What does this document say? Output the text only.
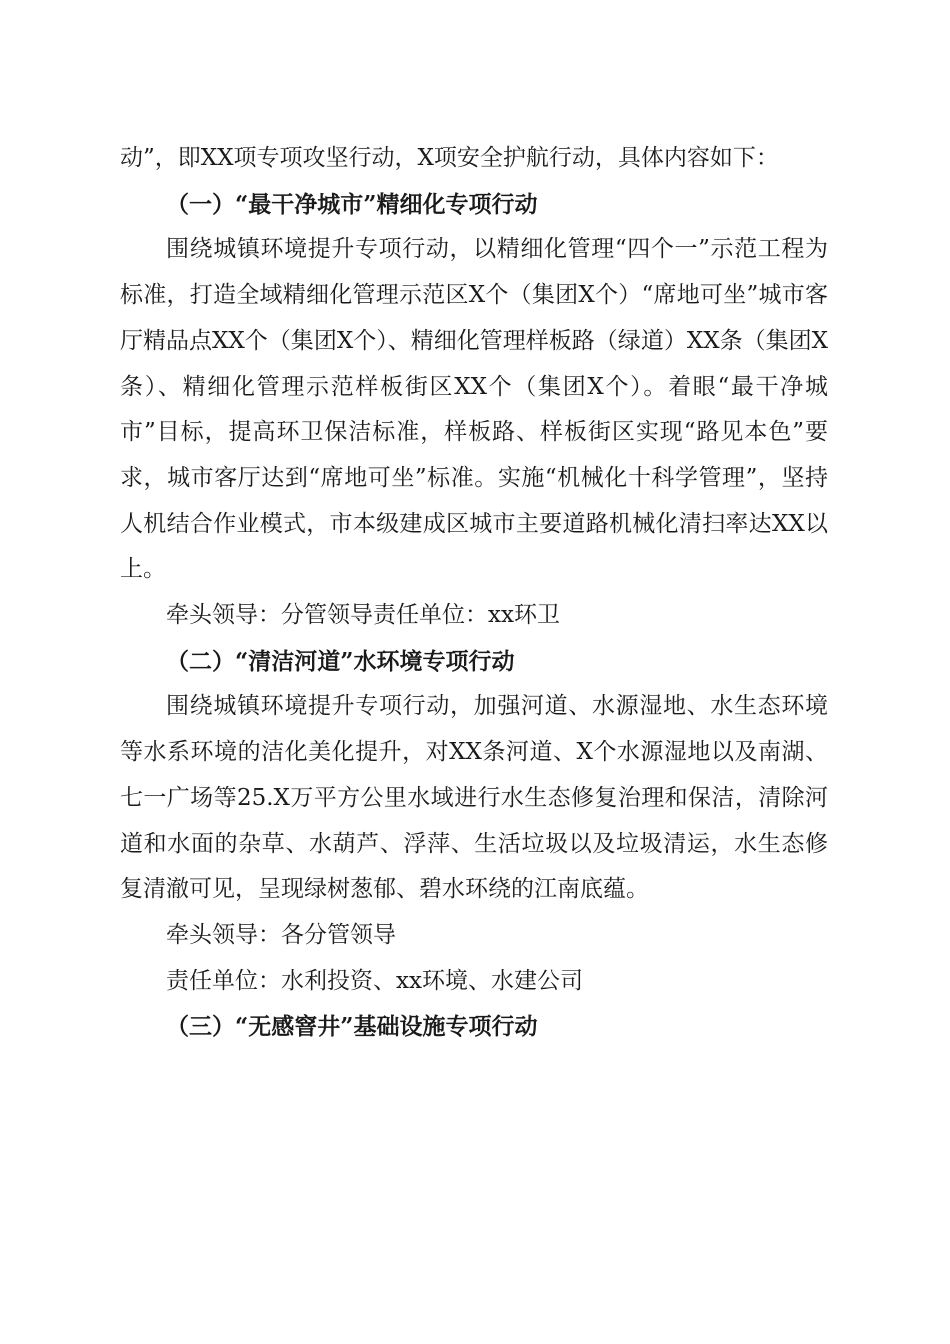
动”，即XX项专项攻坚行动，X项安全护航行动，具体内容如下：

（一）“最干净城市”精细化专项行动

围绕城镇环境提升专项行动，以精细化管理“四个一”示范工程为标准，打造全域精细化管理示范区X个（集团X个）“席地可坐”城市客厅精品点XX个（集团X个）、精细化管理样板路（绿道）XX条（集团X条）、精细化管理示范样板街区XX个（集团X个）。着眼“最干净城市”目标，提高环卫保洁标准，样板路、样板街区实现“路见本色”要求，城市客厅达到“席地可坐”标准。实施“机械化十科学管理”，坚持人机结合作业模式，市本级建成区城市主要道路机械化清扫率达XX以上。

牵头领导：分管领导责任单位：xx环卫

（二）“清洁河道”水环境专项行动

围绕城镇环境提升专项行动，加强河道、水源湿地、水生态环境等水系环境的洁化美化提升，对XX条河道、X个水源湿地以及南湖、七一广场等25.X万平方公里水域进行水生态修复治理和保洁，清除河道和水面的杂草、水葫芦、浮萍、生活垃圾以及垃圾清运，水生态修复清澈可见，呈现绿树葱郁、碧水环绕的江南底蕴。

牵头领导：各分管领导

责任单位：水利投资、xx环境、水建公司

（三）“无感窨井”基础设施专项行动
